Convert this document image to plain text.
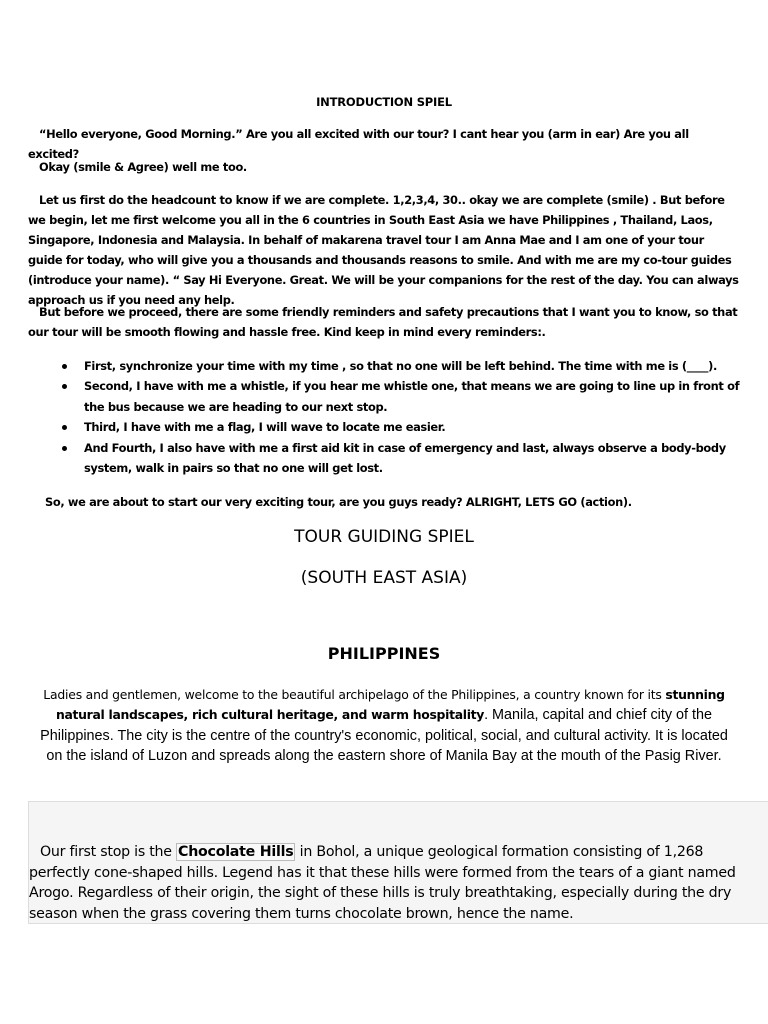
INTRODUCTION SPIEL

“Hello everyone, Good Morning.” Are you all excited with our tour? I cant hear you (arm in ear) Are you all excited?

Okay (smile & Agree) well me too.

Let us first do the headcount to know if we are complete. 1,2,3,4, 30.. okay we are complete (smile) . But before we begin, let me first welcome you all in the 6 countries in South East Asia we have Philippines , Thailand, Laos, Singapore, Indonesia and Malaysia. In behalf of makarena travel tour I am Anna Mae and I am one of your tour guide for today, who will give you a thousands and thousands reasons to smile. And with me are my co-tour guides (introduce your name). “ Say Hi Everyone. Great. We will be your companions for the rest of the day. You can always approach us if you need any help.

But before we proceed, there are some friendly reminders and safety precautions that I want you to know, so that our tour will be smooth flowing and hassle free. Kind keep in mind every reminders:.

First, synchronize your time with my time , so that no one will be left behind. The time with me is (____).
Second, I have with me a whistle, if you hear me whistle one, that means we are going to line up in front of the bus because we are heading to our next stop.
Third, I have with me a flag, I will wave to locate me easier.
And Fourth, I also have with me a first aid kit in case of emergency and last, always observe a body-body system, walk in pairs so that no one will get lost.

So, we are about to start our very exciting tour, are you guys ready? ALRIGHT, LETS GO (action).

TOUR GUIDING SPIEL
(SOUTH EAST ASIA)
PHILIPPINES

Ladies and gentlemen, welcome to the beautiful archipelago of the Philippines, a country known for its stunning natural landscapes, rich cultural heritage, and warm hospitality. Manila, capital and chief city of the Philippines. The city is the centre of the country's economic, political, social, and cultural activity. It is located on the island of Luzon and spreads along the eastern shore of Manila Bay at the mouth of the Pasig River.

Our first stop is the Chocolate Hills in Bohol, a unique geological formation consisting of 1,268 perfectly cone-shaped hills. Legend has it that these hills were formed from the tears of a giant named Arogo. Regardless of their origin, the sight of these hills is truly breathtaking, especially during the dry season when the grass covering them turns chocolate brown, hence the name.
